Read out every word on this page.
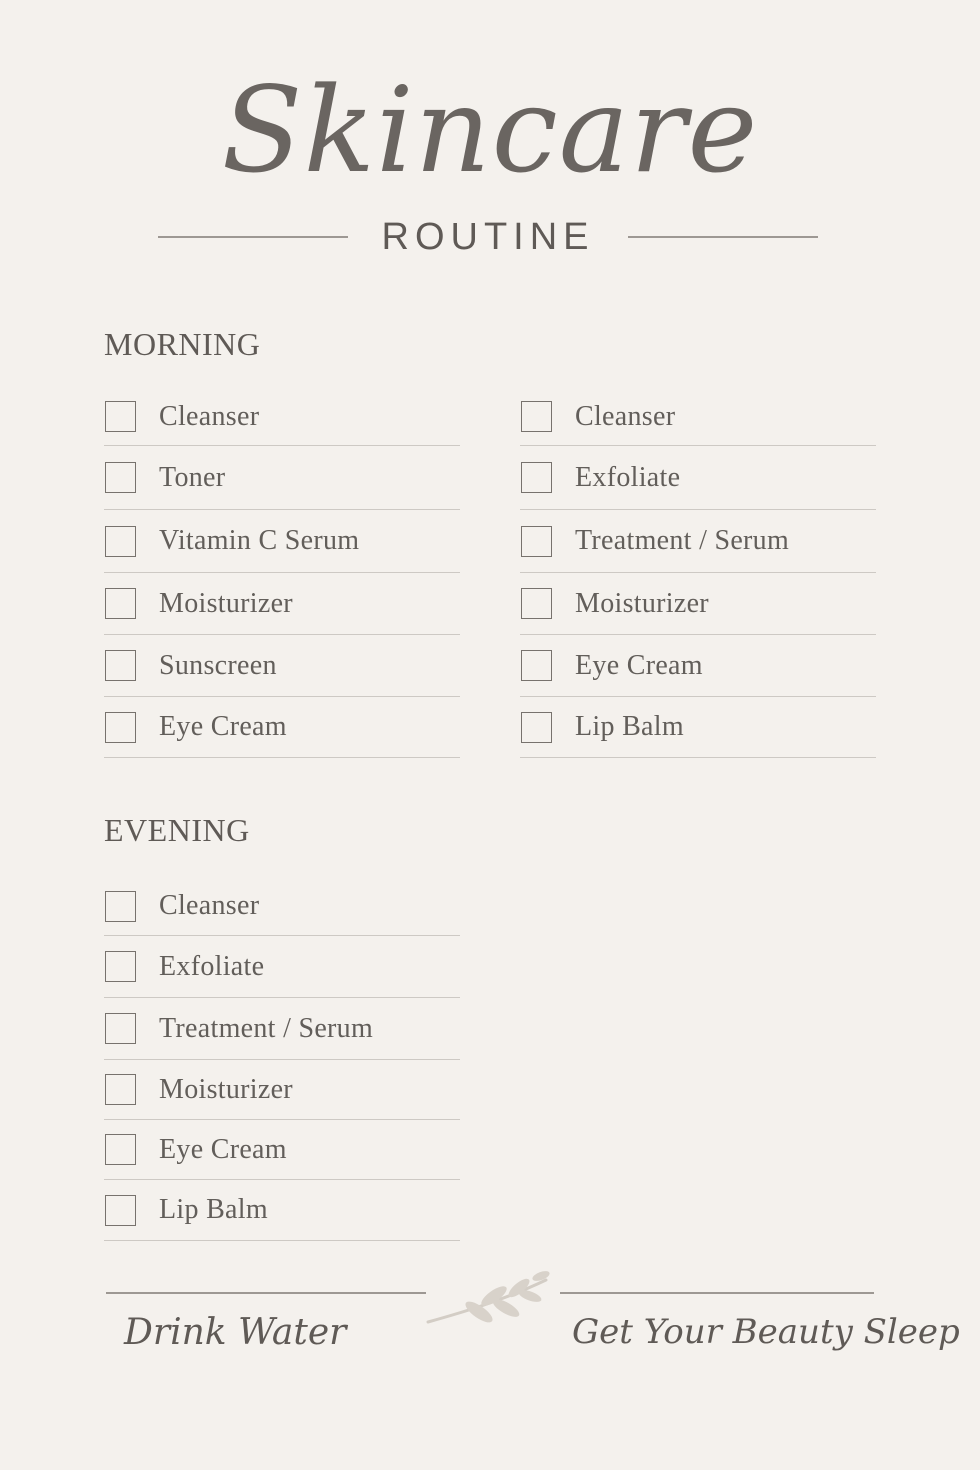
Skincare
ROUTINE
MORNING
Cleanser
Toner
Vitamin C Serum
Moisturizer
Sunscreen
Eye Cream
Cleanser
Exfoliate
Treatment / Serum
Moisturizer
Eye Cream
Lip Balm
EVENING
Cleanser
Exfoliate
Treatment / Serum
Moisturizer
Eye Cream
Lip Balm
Drink Water	Get Your Beauty Sleep
